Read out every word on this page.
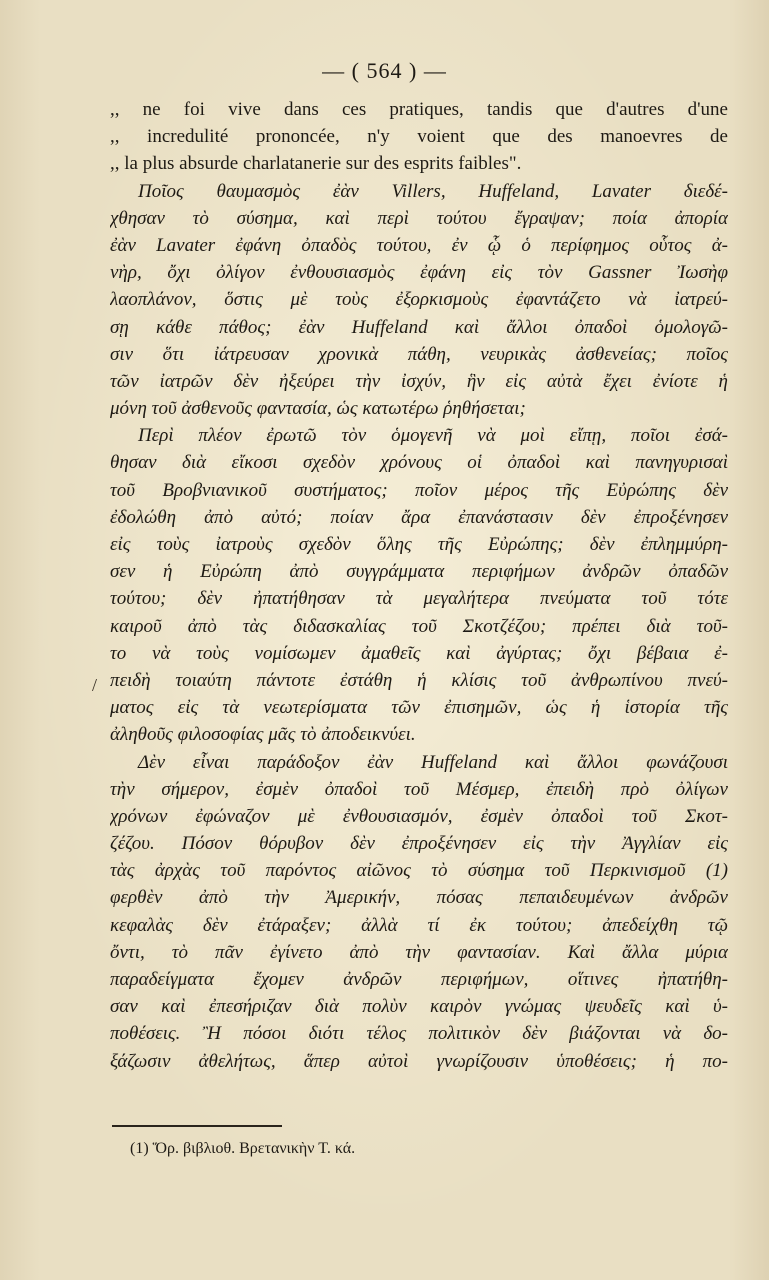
— ( 564 ) —
,, ne foi vive dans ces pratiques, tandis que d'autres d'une
,, incredulité prononcée, n'y voient que des manoevres de
,, la plus absurde charlatanerie sur des esprits faibles".
Ποῖος θαυμασμὸς ἐὰν Villers, Huffeland, Lavater διεδέ-
χθησαν τὸ σύσημα, καὶ περὶ τούτου ἔγραψαν; ποία ἀπορία
ἐὰν Lavater ἐφάνη ὀπαδὸς τούτου, ἐν ᾧ ὁ περίφημος οὗτος ἀ-
νὴρ, ὄχι ὀλίγον ἐνθουσιασμὸς ἐφάνη εἰς τὸν Gassner Ἰωσὴφ
λαοπλάνον, ὅστις μὲ τοὺς ἐξορκισμοὺς ἐφαντάζετο νὰ ἰατρεύ-
σῃ κάθε πάθος; ἐὰν Huffeland καὶ ἄλλοι ὀπαδοὶ ὁμολογῶ-
σιν ὅτι ἰάτρευσαν χρονικὰ πάθη, νευρικὰς ἀσθενείας; ποῖος
τῶν ἰατρῶν δὲν ἠξεύρει τὴν ἰσχύν, ἣν εἰς αὐτὰ ἔχει ἐνίοτε ἡ
μόνη τοῦ ἀσθενοῦς φαντασία, ὡς κατωτέρω ῥηθήσεται;
Περὶ πλέον ἐρωτῶ τὸν ὁμογενῆ νὰ μοὶ εἴπῃ, ποῖοι ἐσά-
θησαν διὰ εἴκοσι σχεδὸν χρόνους οἱ ὀπαδοὶ καὶ πανηγυρισαὶ
τοῦ Βροβνιανικοῦ συστήματος; ποῖον μέρος τῆς Εὐρώπης δὲν
ἐδολώθη ἀπὸ αὐτό; ποίαν ἄρα ἐπανάστασιν δὲν ἐπροξένησεν
εἰς τοὺς ἰατροὺς σχεδὸν ὅλης τῆς Εὐρώπης; δὲν ἐπλημμύρη-
σεν ἡ Εὐρώπη ἀπὸ συγγράμματα περιφήμων ἀνδρῶν ὀπαδῶν
τούτου; δὲν ἠπατήθησαν τὰ μεγαλήτερα πνεύματα τοῦ τότε
καιροῦ ἀπὸ τὰς διδασκαλίας τοῦ Σκοτζέζου; πρέπει διὰ τοῦ-
το νὰ τοὺς νομίσωμεν ἀμαθεῖς καὶ ἀγύρτας; ὄχι βέβαια ἐ-
πειδὴ τοιαύτη πάντοτε ἐστάθη ἡ κλίσις τοῦ ἀνθρωπίνου πνεύ-
ματος εἰς τὰ νεωτερίσματα τῶν ἐπισημῶν, ὡς ἡ ἱστορία τῆς
ἀληθοῦς φιλοσοφίας μᾶς τὸ ἀποδεικνύει.
Δὲν εἶναι παράδοξον ἐὰν Huffeland καὶ ἄλλοι φωνάζουσι
τὴν σήμερον, ἐσμὲν ὀπαδοὶ τοῦ Μέσμερ, ἐπειδὴ πρὸ ὀλίγων
χρόνων ἐφώναζον μὲ ἐνθουσιασμόν, ἐσμὲν ὀπαδοὶ τοῦ Σκοτ-
ζέζου. Πόσον θόρυβον δὲν ἐπροξένησεν εἰς τὴν Ἀγγλίαν εἰς
τὰς ἀρχὰς τοῦ παρόντος αἰῶνος τὸ σύσημα τοῦ Περκινισμοῦ (1)
φερθὲν ἀπὸ τὴν Ἀμερικήν, πόσας πεπαιδευμένων ἀνδρῶν
κεφαλὰς δὲν ἐτάραξεν; ἀλλὰ τί ἐκ τούτου; ἀπεδείχθη τῷ
ὄντι, τὸ πᾶν ἐγίνετο ἀπὸ τὴν φαντασίαν. Καὶ ἄλλα μύρια
παραδείγματα ἔχομεν ἀνδρῶν περιφήμων, οἵτινες ἠπατήθη-
σαν καὶ ἐπεσήριζαν διὰ πολὺν καιρὸν γνώμας ψευδεῖς καὶ ὑ-
ποθέσεις. Ἢ πόσοι διότι τέλος πολιτικὸν δὲν βιάζονται νὰ δο-
ξάζωσιν ἀθελήτως, ἅπερ αὐτοὶ γνωρίζουσιν ὑποθέσεις; ἡ πο-
/
(1) Ὅρ. βιβλιοθ. Βρετανικὴν Τ. κά.
